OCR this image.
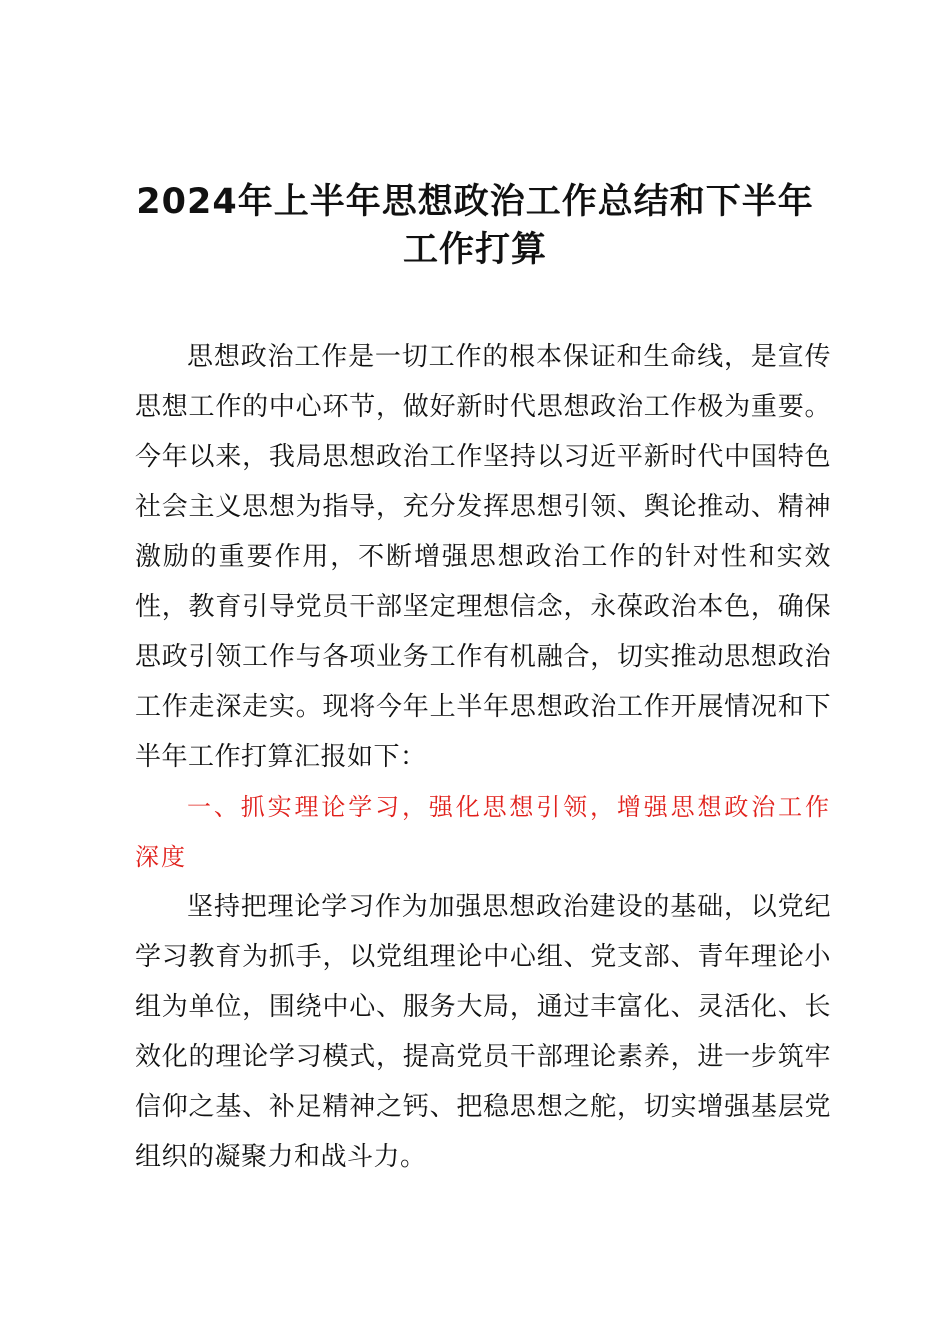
2024年上半年思想政治工作总结和下半年工作打算

思想政治工作是一切工作的根本保证和生命线，是宣传思想工作的中心环节，做好新时代思想政治工作极为重要。今年以来，我局思想政治工作坚持以习近平新时代中国特色社会主义思想为指导，充分发挥思想引领、舆论推动、精神激励的重要作用，不断增强思想政治工作的针对性和实效性，教育引导党员干部坚定理想信念，永葆政治本色，确保思政引领工作与各项业务工作有机融合，切实推动思想政治工作走深走实。现将今年上半年思想政治工作开展情况和下半年工作打算汇报如下：

一、抓实理论学习，强化思想引领，增强思想政治工作深度

坚持把理论学习作为加强思想政治建设的基础，以党纪学习教育为抓手，以党组理论中心组、党支部、青年理论小组为单位，围绕中心、服务大局，通过丰富化、灵活化、长效化的理论学习模式，提高党员干部理论素养，进一步筑牢信仰之基、补足精神之钙、把稳思想之舵，切实增强基层党组织的凝聚力和战斗力。
